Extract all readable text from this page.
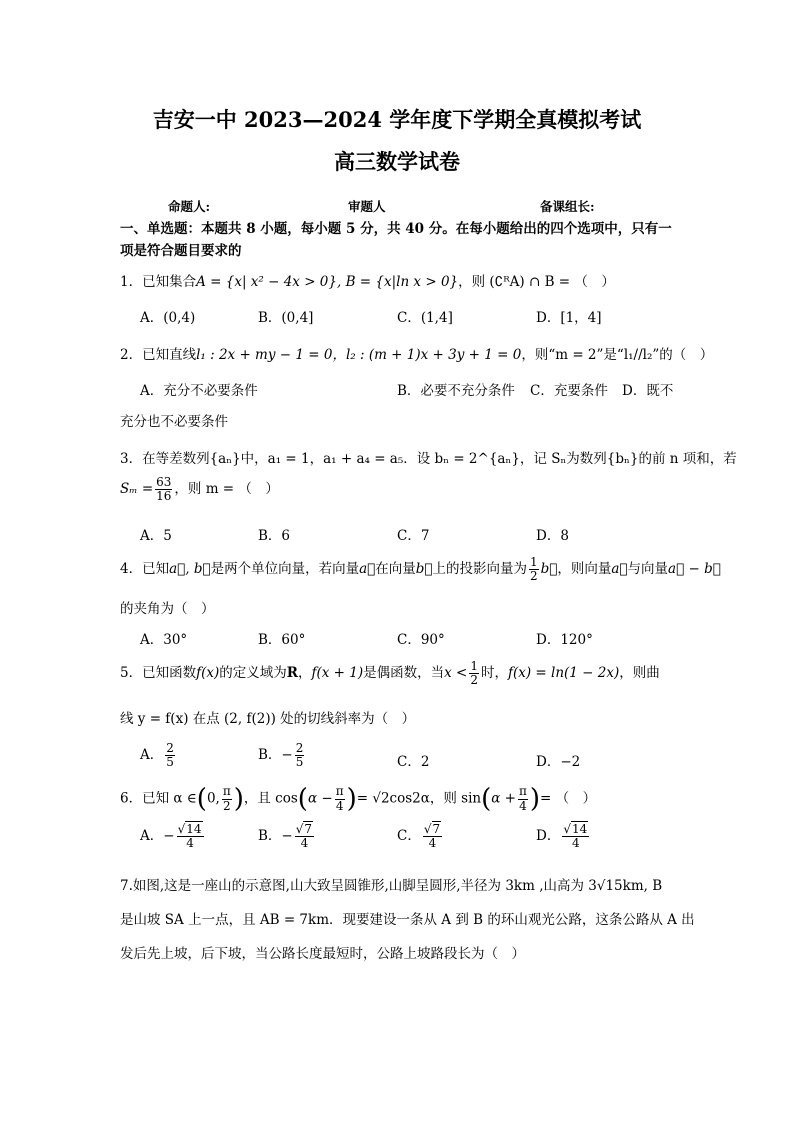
吉安一中 2023—2024 学年度下学期全真模拟考试
高三数学试卷
命题人:	审题人	备课组长:
一、单选题：本题共 8 小题，每小题 5 分，共 40 分。在每小题给出的四个选项中，只有一
项是符合题目要求的
1．已知集合A = {x| x² − 4x > 0}, B = {x|ln x > 0}，则 (∁ᴿA) ∩ B = （　）
A．(0,4)	B．(0,4]	C．(1,4]	D．[1，4]
2．已知直线l₁ : 2x + my − 1 = 0，l₂ : (m + 1)x + 3y + 1 = 0，则“m = 2”是“l₁//l₂”的（　）
A．充分不必要条件	B．必要不充分条件 C．充要条件 D．既不
充分也不必要条件
3．在等差数列{aₙ}中，a₁ = 1，a₁ + a₄ = a₅．设 bₙ = 2^{aₙ}，记 Sₙ为数列{bₙ}的前 n 项和，若
$S_m = \frac{63}{16}$ ，则 m = （　）
A．5	B．6	C．7	D．8
4．已知a⃗, b⃗是两个单位向量，若向量a⃗在向量b⃗上的投影向量为 $\frac{1}{2}$ b⃗，则向量a⃗与向量a⃗ − b⃗
的夹角为（　）
A．30°	B．60°	C．90°	D．120°
5．已知函数f(x)的定义域为R，f(x + 1)是偶函数，当$x < \frac{1}{2}$ 时，f(x) = ln(1 − 2x)，则曲
线 y = f(x) 在点 (2, f(2)) 处的切线斜率为（　）
A． $\frac{2}{5}$	B．− $\frac{2}{5}$	C．2	D．−2
6．已知 α ∈(0, $\frac{\pi}{2}$ )，且 $\cos(\alpha - \frac{\pi}{4}$ )= √2cos2α，则 $\sin(\alpha + \frac{\pi}{4}$ )= （　）
A．− $\frac{√14}{4}$	B．− $\frac{√7}{4}$	C． $\frac{√7}{4}$	D． $\frac{√14}{4}$
7.如图,这是一座山的示意图,山大致呈圆锥形,山脚呈圆形,半径为 3km ,山高为 3√15km, B
是山坡 SA 上一点，且 AB = 7km．现要建设一条从 A 到 B 的环山观光公路，这条公路从 A 出
发后先上坡，后下坡，当公路长度最短时，公路上坡路段长为（　）
